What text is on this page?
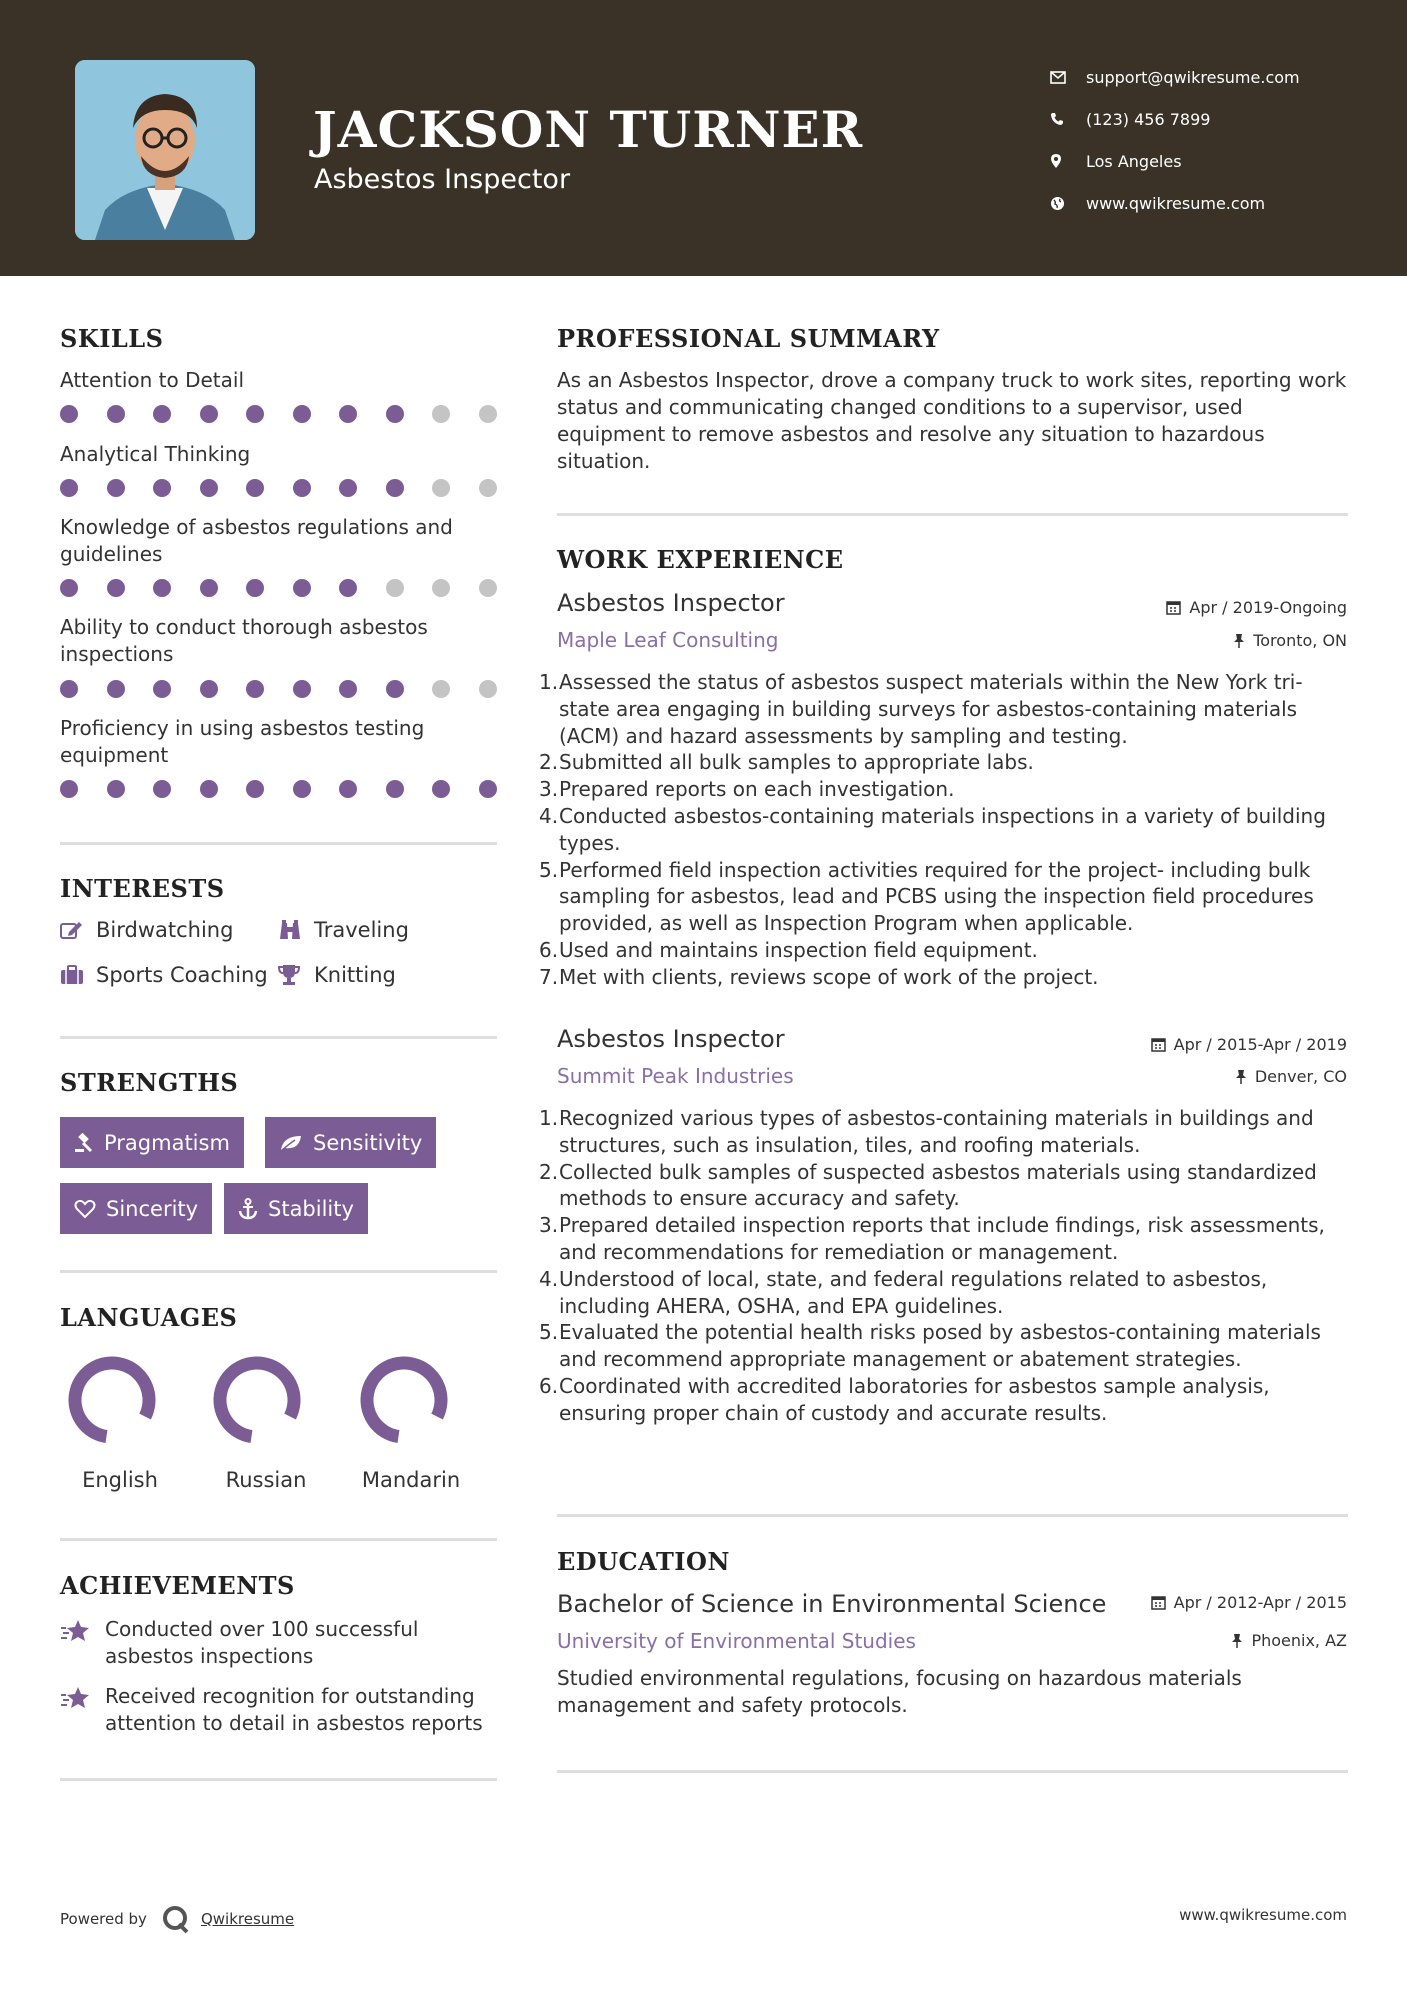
JACKSON TURNER
Asbestos Inspector
support@qwikresume.com
(123) 456 7899
Los Angeles
www.qwikresume.com
SKILLS
Attention to Detail
Analytical Thinking
Knowledge of asbestos regulations and guidelines
Ability to conduct thorough asbestos inspections
Proficiency in using asbestos testing equipment
INTERESTS
Birdwatching	Traveling
Sports Coaching Knitting
STRENGTHS
Pragmatism	Sensitivity
Sincerity	Stability
LANGUAGES
English	Russian	Mandarin
ACHIEVEMENTS
Conducted over 100 successful asbestos inspections
Received recognition for outstanding attention to detail in asbestos reports
PROFESSIONAL SUMMARY
As an Asbestos Inspector, drove a company truck to work sites, reporting work status and communicating changed conditions to a supervisor, used equipment to remove asbestos and resolve any situation to hazardous situation.
WORK EXPERIENCE
Asbestos Inspector
Maple Leaf Consulting
Apr / 2019-Ongoing
Toronto, ON
1. Assessed the status of asbestos suspect materials within the New York tri-state area engaging in building surveys for asbestos-containing materials (ACM) and hazard assessments by sampling and testing.
2. Submitted all bulk samples to appropriate labs.
3. Prepared reports on each investigation.
4. Conducted asbestos-containing materials inspections in a variety of building types.
5. Performed field inspection activities required for the project- including bulk sampling for asbestos, lead and PCBS using the inspection field procedures provided, as well as Inspection Program when applicable.
6. Used and maintains inspection field equipment.
7. Met with clients, reviews scope of work of the project.
Asbestos Inspector
Summit Peak Industries
Apr / 2015-Apr / 2019
Denver, CO
1. Recognized various types of asbestos-containing materials in buildings and structures, such as insulation, tiles, and roofing materials.
2. Collected bulk samples of suspected asbestos materials using standardized methods to ensure accuracy and safety.
3. Prepared detailed inspection reports that include findings, risk assessments, and recommendations for remediation or management.
4. Understood of local, state, and federal regulations related to asbestos, including AHERA, OSHA, and EPA guidelines.
5. Evaluated the potential health risks posed by asbestos-containing materials and recommend appropriate management or abatement strategies.
6. Coordinated with accredited laboratories for asbestos sample analysis, ensuring proper chain of custody and accurate results.
EDUCATION
Bachelor of Science in Environmental Science
University of Environmental Studies
Apr / 2012-Apr / 2015
Phoenix, AZ
Studied environmental regulations, focusing on hazardous materials management and safety protocols.
Powered by	Qwikresume	www.qwikresume.com
